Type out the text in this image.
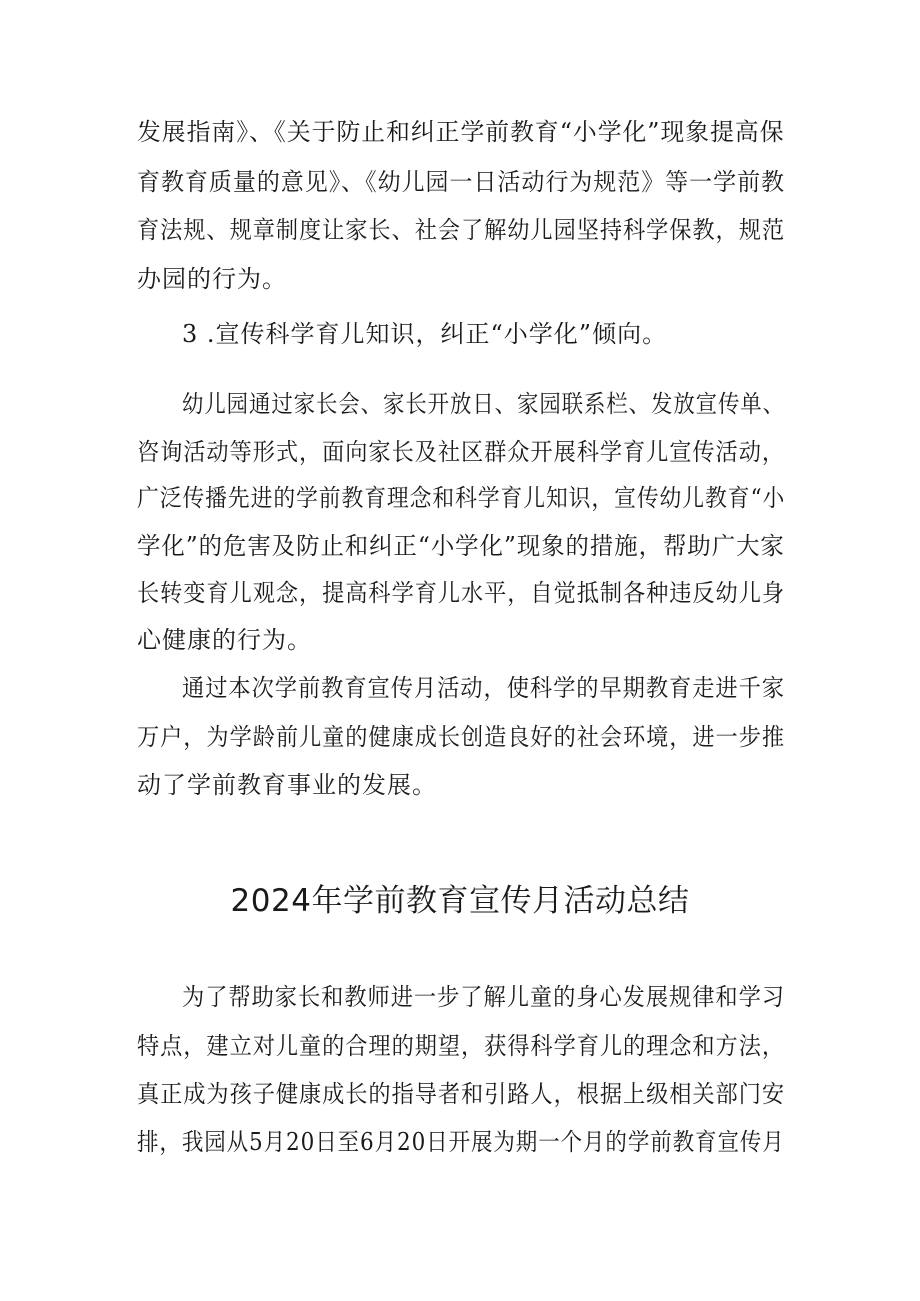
发展指南》、《关于防止和纠正学前教育“小学化”现象提高保
育教育质量的意见》、《幼儿园一日活动行为规范》等一学前教
育法规、规章制度让家长、社会了解幼儿园坚持科学保教，规范
办园的行为。
3 .宣传科学育儿知识，纠正“小学化”倾向。
幼儿园通过家长会、家长开放日、家园联系栏、发放宣传单、
咨询活动等形式，面向家长及社区群众开展科学育儿宣传活动，
广泛传播先进的学前教育理念和科学育儿知识，宣传幼儿教育“小
学化”的危害及防止和纠正“小学化”现象的措施，帮助广大家
长转变育儿观念，提高科学育儿水平，自觉抵制各种违反幼儿身
心健康的行为。
通过本次学前教育宣传月活动，使科学的早期教育走进千家
万户，为学龄前儿童的健康成长创造良好的社会环境，进一步推
动了学前教育事业的发展。
2024年学前教育宣传月活动总结
为了帮助家长和教师进一步了解儿童的身心发展规律和学习
特点，建立对儿童的合理的期望，获得科学育儿的理念和方法，
真正成为孩子健康成长的指导者和引路人，根据上级相关部门安
排，我园从5月20日至6月20日开展为期一个月的学前教育宣传月
